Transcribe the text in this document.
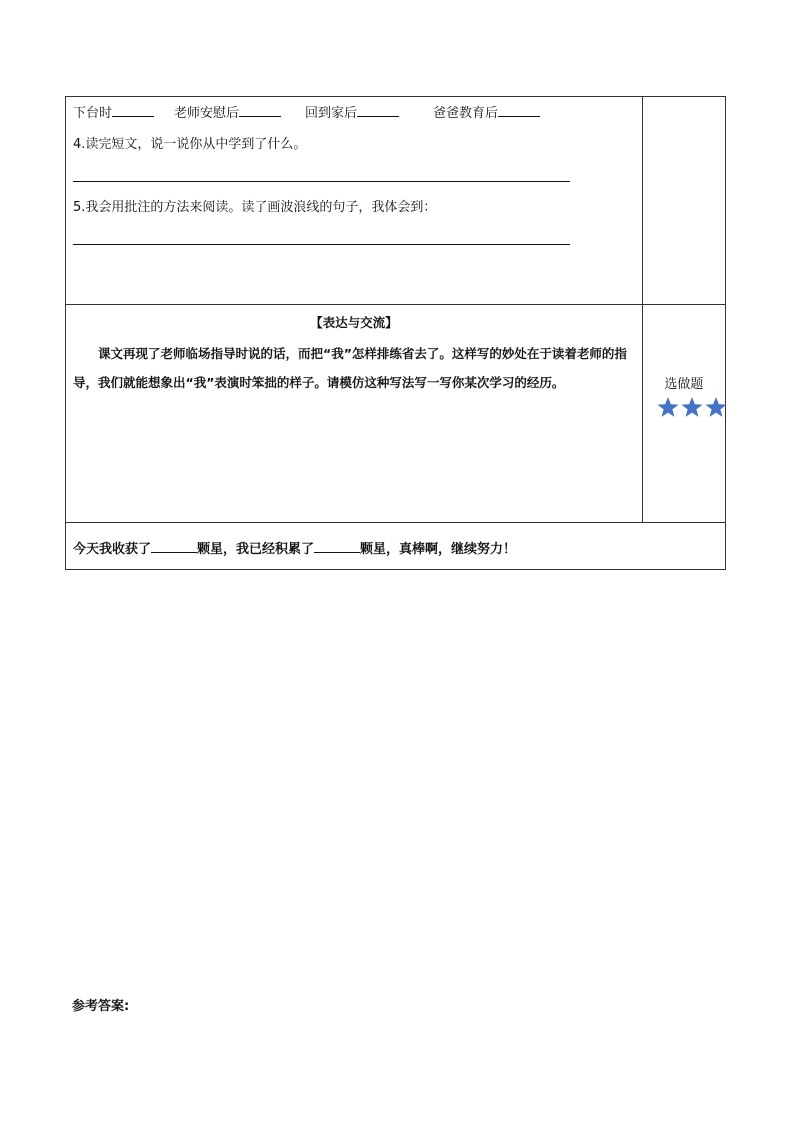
下台时 老师安慰后 回到家后 爸爸教育后
4.读完短文，说一说你从中学到了什么。
5.我会用批注的方法来阅读。读了画波浪线的句子，我体会到：	

【表达与交流】

课文再现了老师临场指导时说的话，而把“我”怎样排练省去了。这样写的妙处在于读着老师的指导，我们就能想象出“我”表演时笨拙的样子。请模仿这种写法写一写你某次学习的经历。	选做题

今天我收获了 颗星，我已经积累了 颗星，真棒啊，继续努力！	
参考答案:
